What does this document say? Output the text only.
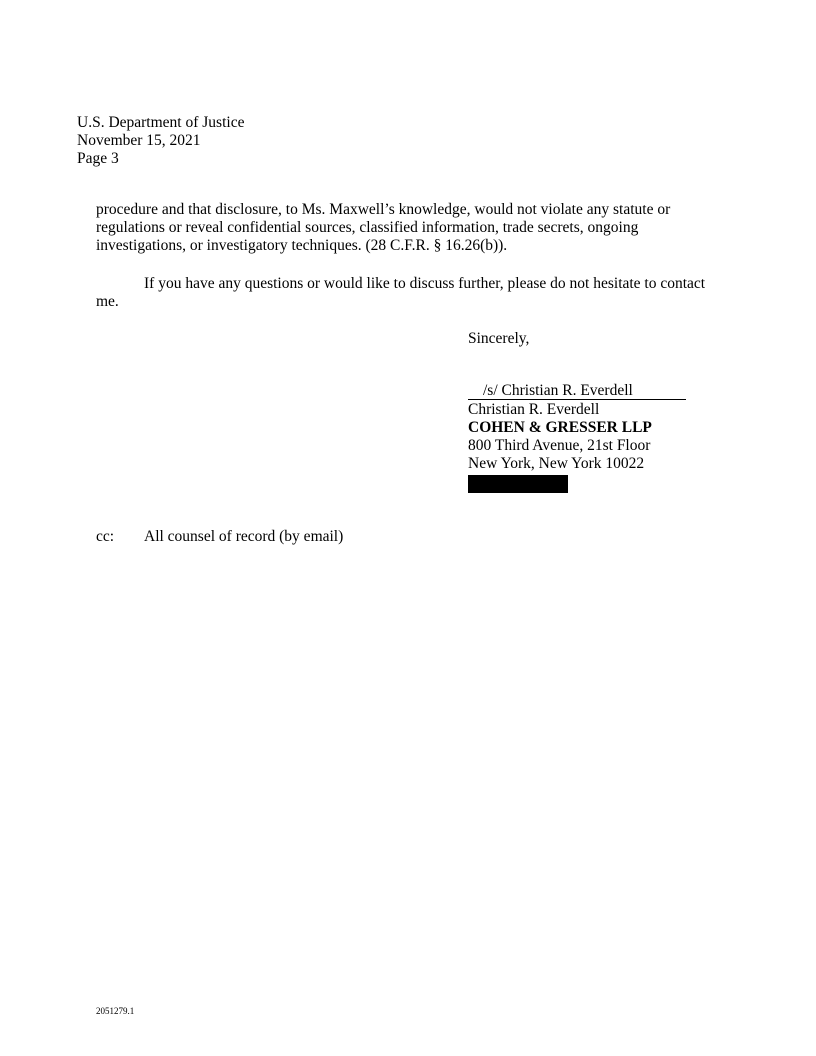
U.S. Department of Justice
November 15, 2021
Page 3
procedure and that disclosure, to Ms. Maxwell’s knowledge, would not violate any statute or
regulations or reveal confidential sources, classified information, trade secrets, ongoing
investigations, or investigatory techniques. (28 C.F.R. § 16.26(b)).
If you have any questions or would like to discuss further, please do not hesitate to contact
me.
Sincerely,
/s/ Christian R. Everdell
Christian R. Everdell
COHEN & GRESSER LLP
800 Third Avenue, 21st Floor
New York, New York 10022
cc: All counsel of record (by email)
2051279.1
